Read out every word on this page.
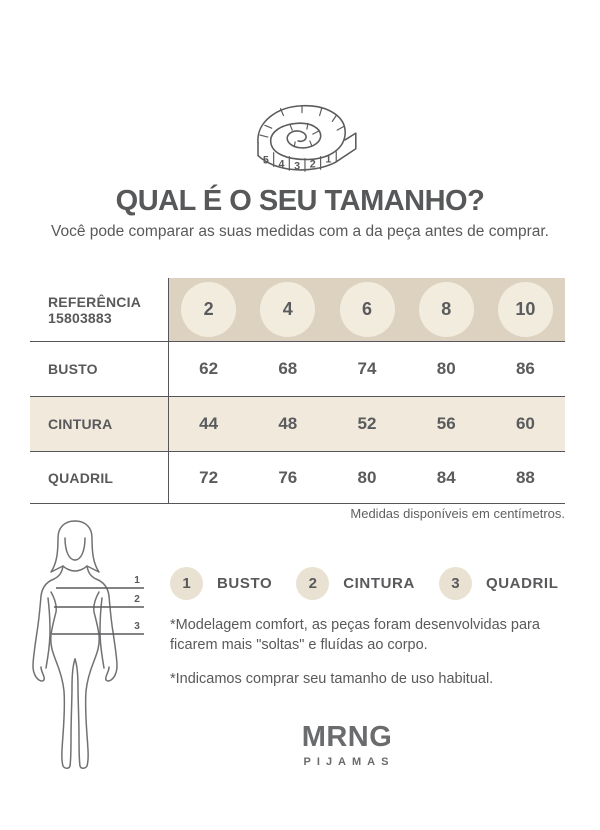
5 4 3 2 1
QUAL É O SEU TAMANHO?
Você pode comparar as suas medidas com a da peça antes de comprar.
REFERÊNCIA
15803883	2	4	6	8	10
BUSTO	62	68	74	80	86
CINTURA	44	48	52	56	60
QUADRIL	72	76	80	84	88
Medidas disponíveis em centímetros.
1
2
3
1	BUSTO	2	CINTURA	3	QUADRIL

*Modelagem comfort, as peças foram desenvolvidas para ficarem mais "soltas" e fluídas ao corpo.

*Indicamos comprar seu tamanho de uso habitual.

MRNG
PIJAMAS
